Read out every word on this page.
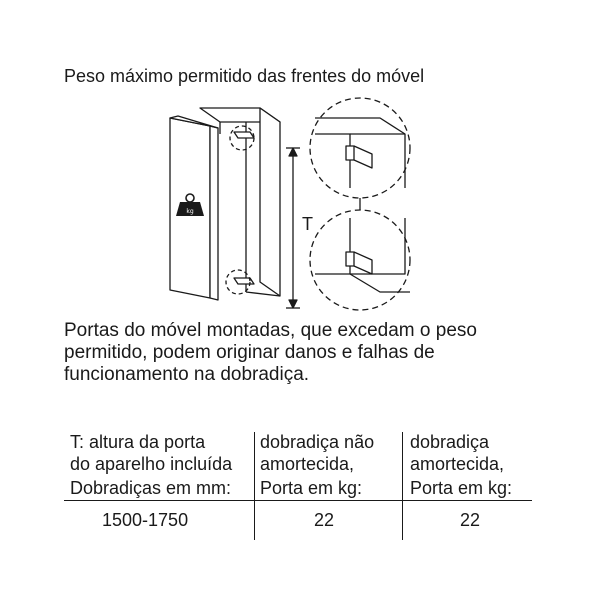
Peso máximo permitido das frentes do móvel
kg
T
Portas do móvel montadas, que excedam o peso
permitido, podem originar danos e falhas de
funcionamento na dobradiça.
T: altura da porta
do aparelho incluída
Dobradiças em mm:
dobradiça não
amortecida,
Porta em kg:
dobradiça
amortecida,
Porta em kg:
1500-1750	22	22
